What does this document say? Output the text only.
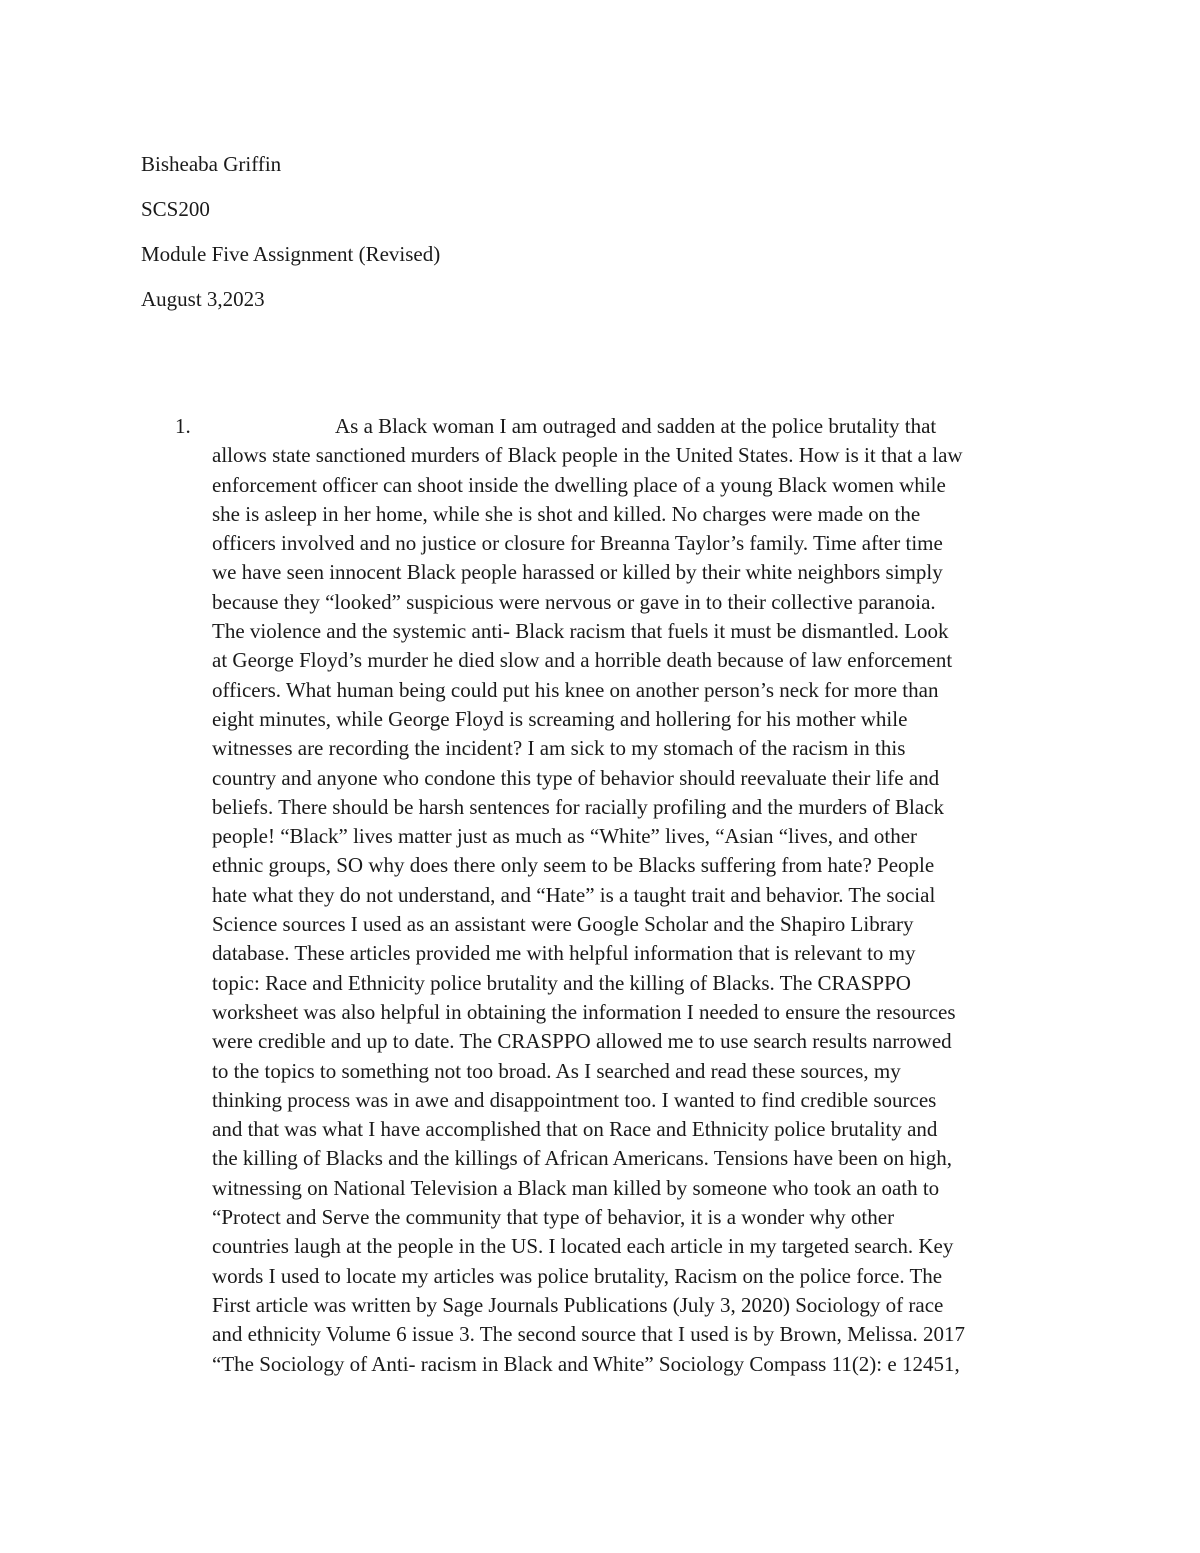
Bisheaba Griffin
SCS200
Module Five Assignment (Revised)
August 3,2023
1.	As a Black woman I am outraged and sadden at the police brutality that
allows state sanctioned murders of Black people in the United States. How is it that a law
enforcement officer can shoot inside the dwelling place of a young Black women while
she is asleep in her home, while she is shot and killed. No charges were made on the
officers involved and no justice or closure for Breanna Taylor’s family. Time after time
we have seen innocent Black people harassed or killed by their white neighbors simply
because they “looked” suspicious were nervous or gave in to their collective paranoia.
The violence and the systemic anti- Black racism that fuels it must be dismantled. Look
at George Floyd’s murder he died slow and a horrible death because of law enforcement
officers. What human being could put his knee on another person’s neck for more than
eight minutes, while George Floyd is screaming and hollering for his mother while
witnesses are recording the incident? I am sick to my stomach of the racism in this
country and anyone who condone this type of behavior should reevaluate their life and
beliefs. There should be harsh sentences for racially profiling and the murders of Black
people! “Black” lives matter just as much as “White” lives, “Asian “lives, and other
ethnic groups, SO why does there only seem to be Blacks suffering from hate? People
hate what they do not understand, and “Hate” is a taught trait and behavior. The social
Science sources I used as an assistant were Google Scholar and the Shapiro Library
database. These articles provided me with helpful information that is relevant to my
topic: Race and Ethnicity police brutality and the killing of Blacks. The CRASPPO
worksheet was also helpful in obtaining the information I needed to ensure the resources
were credible and up to date. The CRASPPO allowed me to use search results narrowed
to the topics to something not too broad. As I searched and read these sources, my
thinking process was in awe and disappointment too. I wanted to find credible sources
and that was what I have accomplished that on Race and Ethnicity police brutality and
the killing of Blacks and the killings of African Americans. Tensions have been on high,
witnessing on National Television a Black man killed by someone who took an oath to
“Protect and Serve the community that type of behavior, it is a wonder why other
countries laugh at the people in the US. I located each article in my targeted search. Key
words I used to locate my articles was police brutality, Racism on the police force. The
First article was written by Sage Journals Publications (July 3, 2020) Sociology of race
and ethnicity Volume 6 issue 3. The second source that I used is by Brown, Melissa. 2017
“The Sociology of Anti- racism in Black and White” Sociology Compass 11(2): e 12451,
